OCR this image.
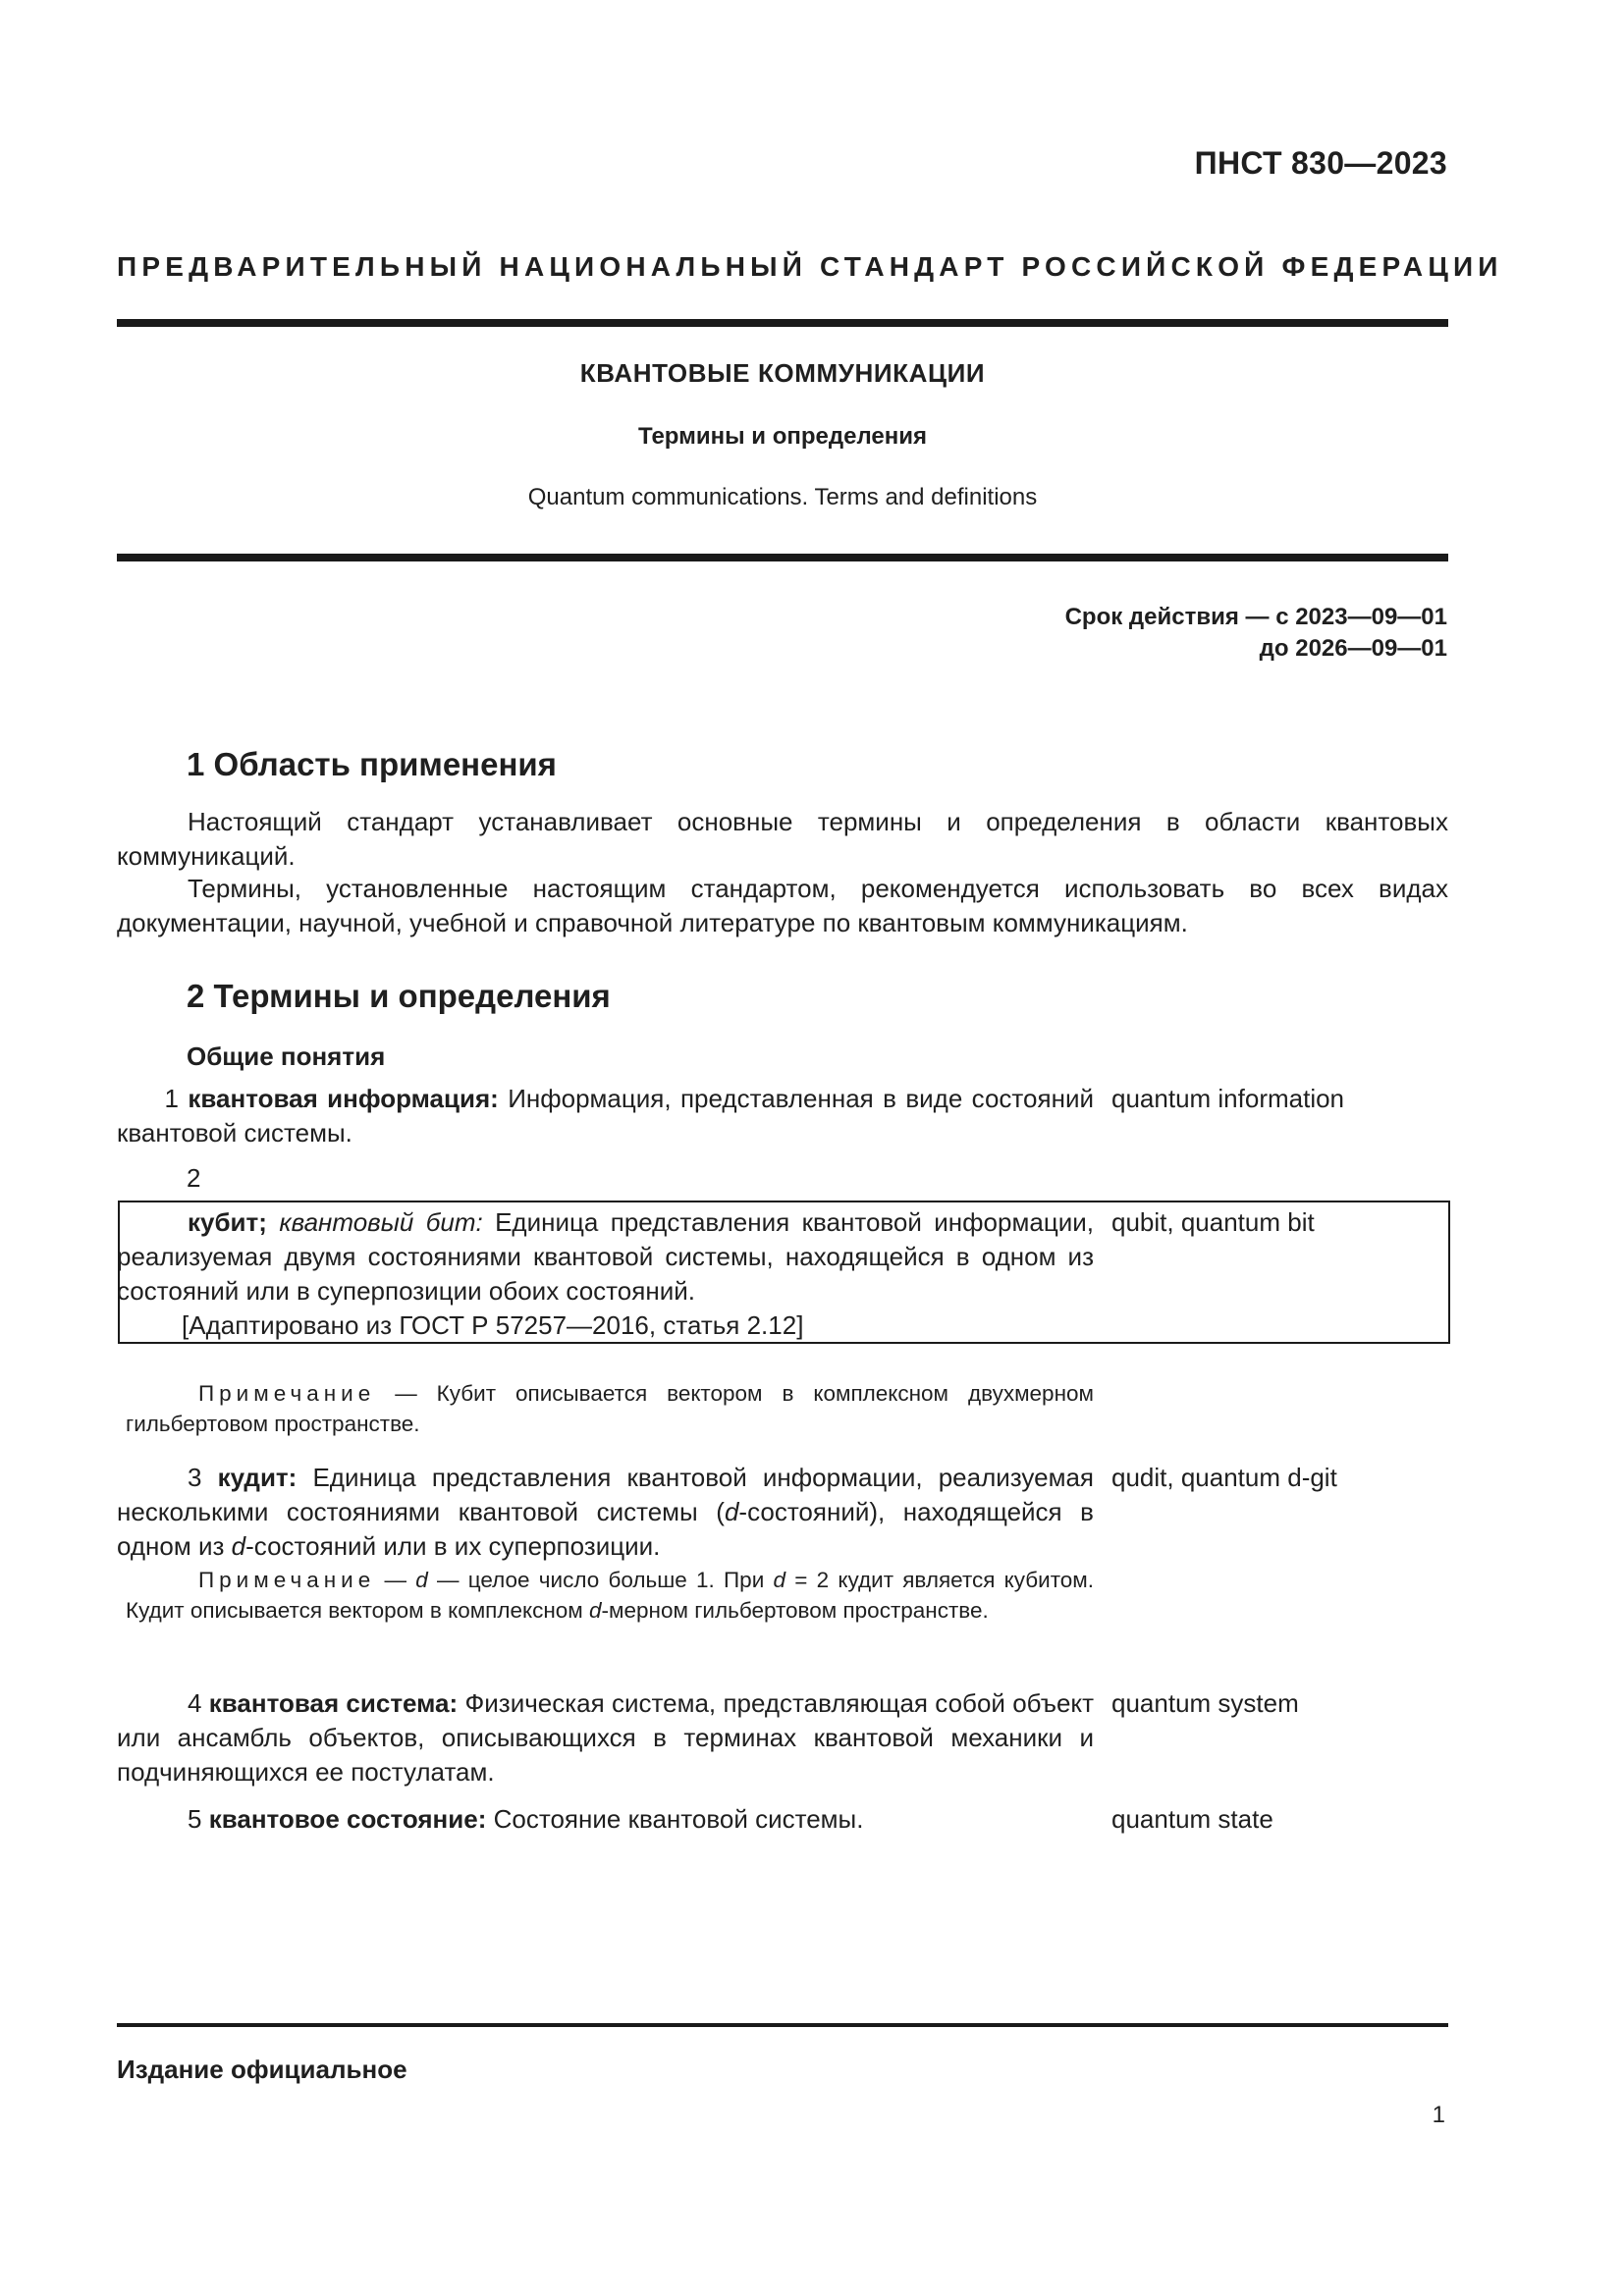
ПНСТ 830—2023
ПРЕДВАРИТЕЛЬНЫЙ НАЦИОНАЛЬНЫЙ СТАНДАРТ РОССИЙСКОЙ ФЕДЕРАЦИИ
КВАНТОВЫЕ КОММУНИКАЦИИ
Термины и определения
Quantum communications. Terms and definitions
Срок действия — с 2023—09—01
до 2026—09—01
1 Область применения
Настоящий стандарт устанавливает основные термины и определения в области квантовых коммуникаций.
Термины, установленные настоящим стандартом, рекомендуется использовать во всех видах документации, научной, учебной и справочной литературе по квантовым коммуникациям.
2 Термины и определения
Общие понятия
1 квантовая информация: Информация, представленная в виде состояний квантовой системы.
quantum information
2
кубит; квантовый бит: Единица представления квантовой информации, реализуемая двумя состояниями квантовой системы, находящейся в одном из состояний или в суперпозиции обоих состояний.
[Адаптировано из ГОСТ Р 57257—2016, статья 2.12]
qubit, quantum bit
Примечание — Кубит описывается вектором в комплексном двухмерном гильбертовом пространстве.
3 кудит: Единица представления квантовой информации, реализуемая несколькими состояниями квантовой системы (d-состояний), находящейся в одном из d-состояний или в их суперпозиции.
qudit, quantum d-git
Примечание — d — целое число больше 1. При d = 2 кудит является кубитом. Кудит описывается вектором в комплексном d-мерном гильбертовом пространстве.
4 квантовая система: Физическая система, представляющая собой объект или ансамбль объектов, описывающихся в терминах квантовой механики и подчиняющихся ее постулатам.
quantum system
5 квантовое состояние: Состояние квантовой системы.	quantum state
Издание официальное
1
